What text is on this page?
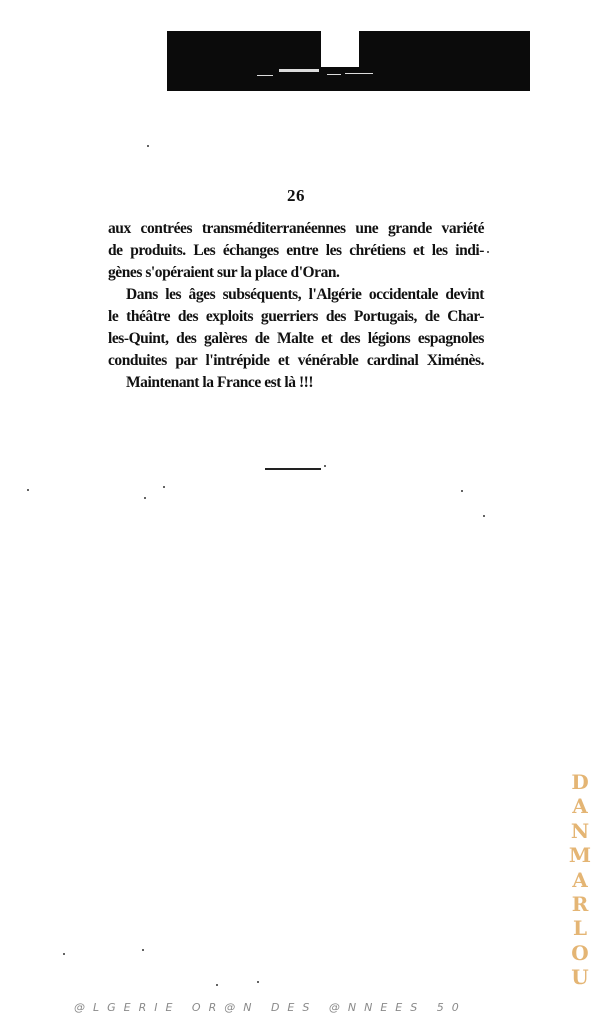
26
aux contrées transméditerranéennes une grande variété
de produits. Les échanges entre les chrétiens et les indi-
gènes s'opéraient sur la place d'Oran.
Dans les âges subséquents, l'Algérie occidentale devint
le théâtre des exploits guerriers des Portugais, de Char-
les-Quint, des galères de Malte et des légions espagnoles
conduites par l'intrépide et vénérable cardinal Ximénès.
Maintenant la France est là !!!
D
A
N
M
A
R
L
O
U
@LGERIE OR@N DES @NNEES 50
